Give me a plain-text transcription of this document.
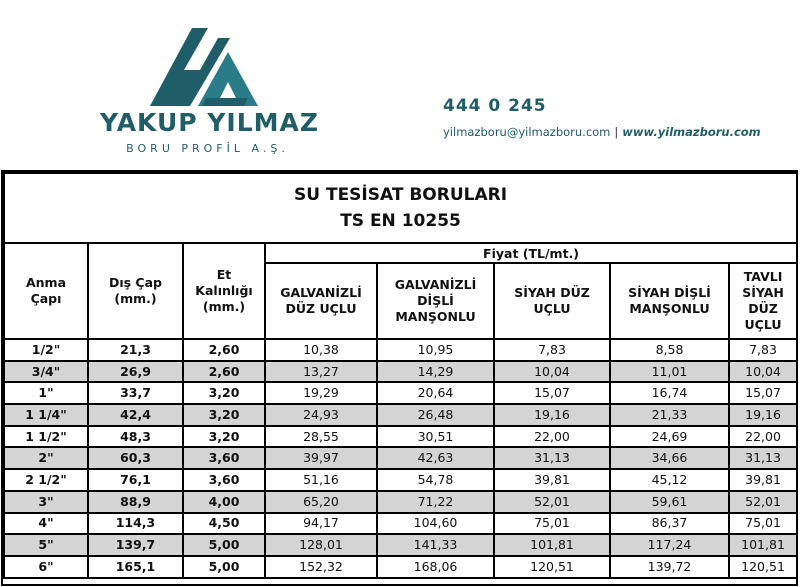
YAKUP YILMAZ
BORU PROFİL A.Ş.
444 0 245
yilmazboru@yilmazboru.com | www.yilmazboru.com
SU TESİSAT BORULARI
TS EN 10255							

Anma Çapı	Dış Çap (mm.)	Et Kalınlığı (mm.)	Fiyat (TL/mt.)				
			GALVANİZLİ DÜZ UÇLU	GALVANİZLİ DİŞLİ MANŞONLU	SİYAH DÜZ UÇLU	SİYAH DİŞLİ MANŞONLU	TAVLI SİYAH DÜZ UÇLU
1/2"	21,3	2,60	10,38	10,95	7,83	8,58	7,83
3/4"	26,9	2,60	13,27	14,29	10,04	11,01	10,04
1"	33,7	3,20	19,29	20,64	15,07	16,74	15,07
1 1/4"	42,4	3,20	24,93	26,48	19,16	21,33	19,16
1 1/2"	48,3	3,20	28,55	30,51	22,00	24,69	22,00
2"	60,3	3,60	39,97	42,63	31,13	34,66	31,13
2 1/2"	76,1	3,60	51,16	54,78	39,81	45,12	39,81
3"	88,9	4,00	65,20	71,22	52,01	59,61	52,01
4"	114,3	4,50	94,17	104,60	75,01	86,37	75,01
5"	139,7	5,00	128,01	141,33	101,81	117,24	101,81
6"	165,1	5,00	152,32	168,06	120,51	139,72	120,51
